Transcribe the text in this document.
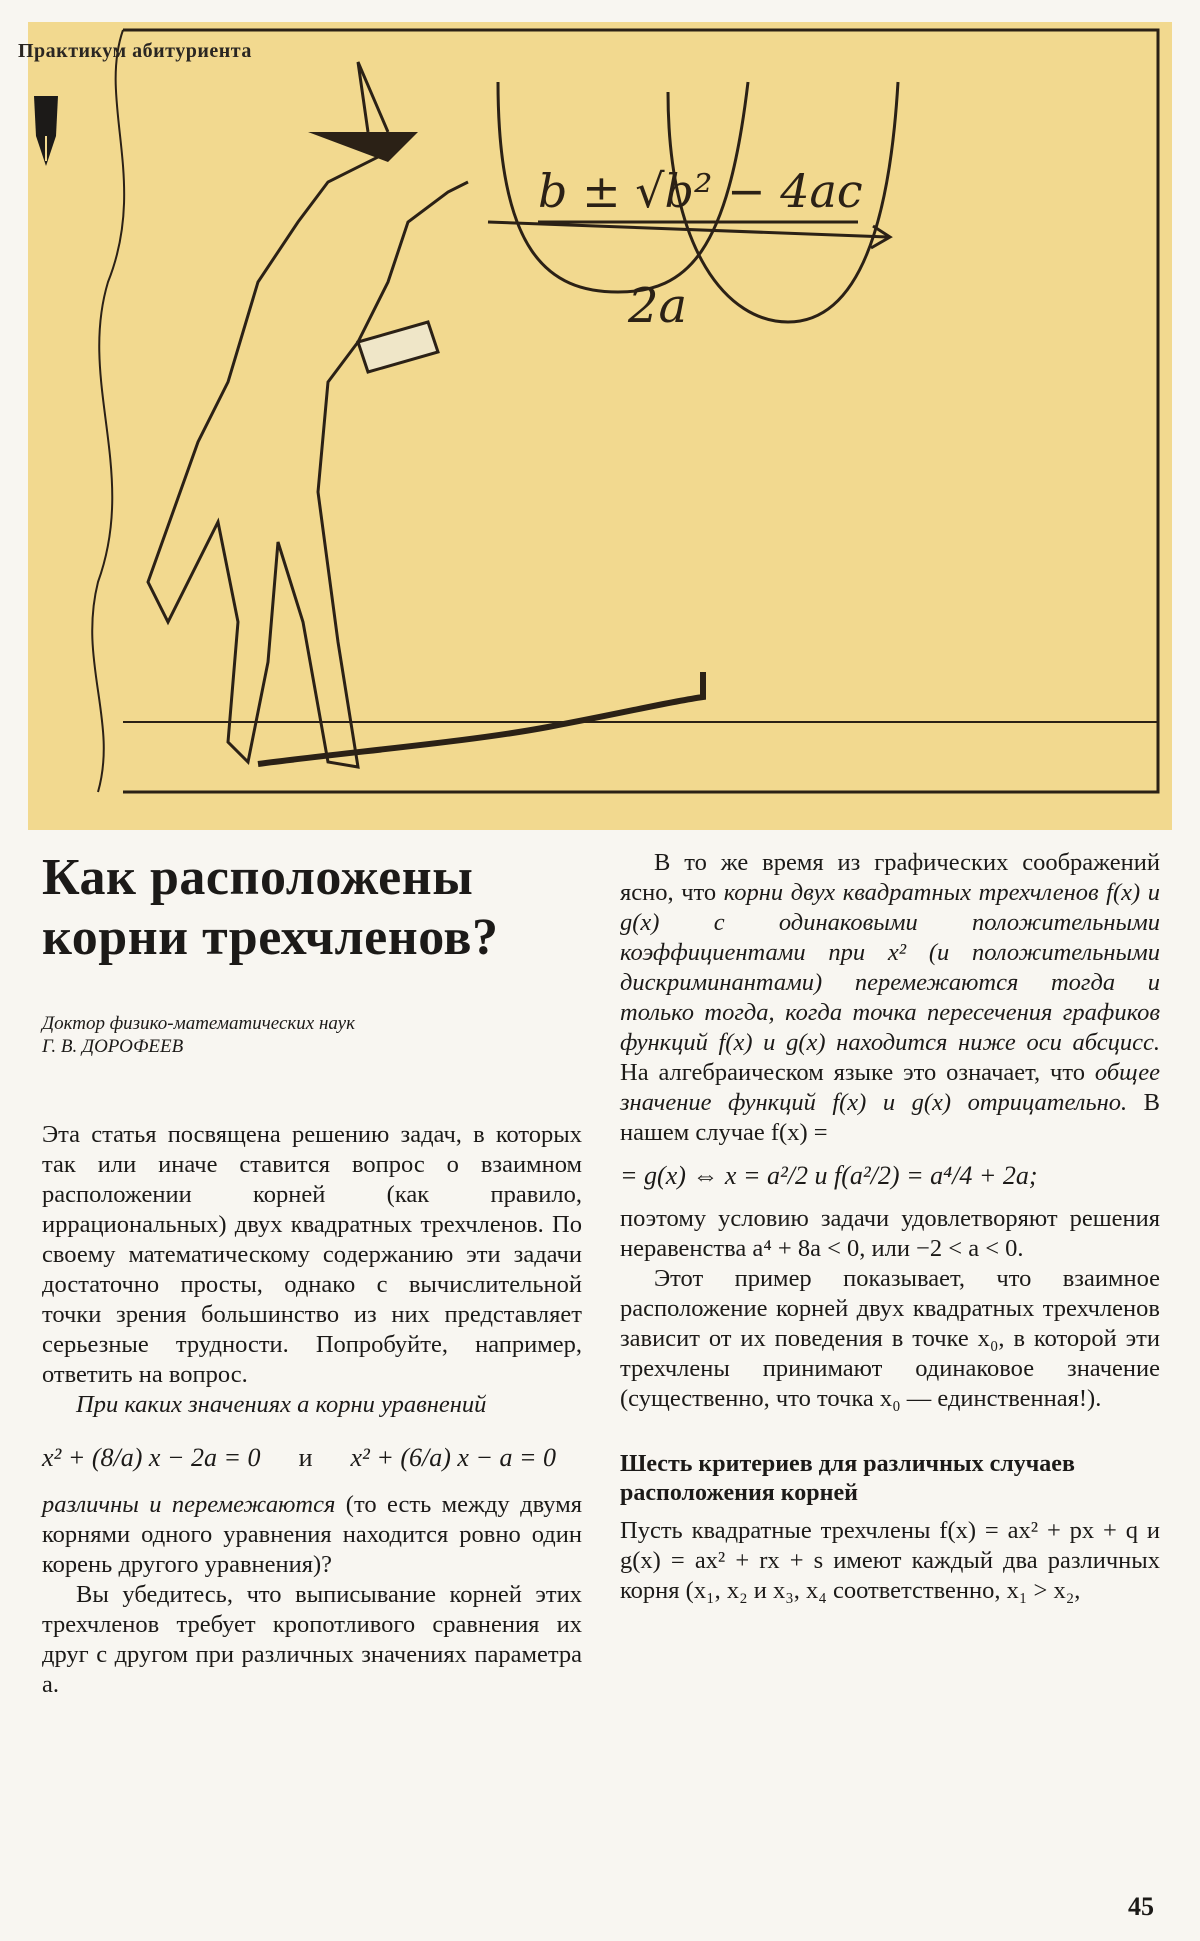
b ± √b² − 4ac
2a
Практикум абитуриента
Как расположены корни трехчленов?
Доктор физико-математических наук
Г. В. ДОРОФЕЕВ

Эта статья посвящена решению задач, в которых так или иначе ставится вопрос о взаимном расположении корней (как правило, иррациональных) двух квадратных трехчленов. По своему математическому содержанию эти задачи достаточно просты, однако с вычислительной точки зрения большинство из них представляет серьезные трудности. Попробуйте, например, ответить на вопрос.

При каких значениях a корни уравнений

x² + (8/a) x − 2a = 0 и x² + (6/a) x − a = 0

различны и перемежаются (то есть между двумя корнями одного уравнения находится ровно один корень другого уравнения)?

Вы убедитесь, что выписывание корней этих трехчленов требует кропотливого сравнения их друг с другом при различных значениях параметра a.

В то же время из графических соображений ясно, что корни двух квадратных трехчленов f(x) и g(x) с одинаковыми положительными коэффициентами при x² (и положительными дискриминантами) перемежаются тогда и только тогда, когда точка пересечения графиков функций f(x) и g(x) находится ниже оси абсцисс. На алгебраическом языке это означает, что общее значение функций f(x) и g(x) отрицательно. В нашем случае f(x) =

= g(x) ⇔ x = a²/2 и f(a²/2) = a⁴/4 + 2a;

поэтому условию задачи удовлетворяют решения неравенства a⁴ + 8a < 0, или −2 < a < 0.

Этот пример показывает, что взаимное расположение корней двух квадратных трехчленов зависит от их поведения в точке x₀, в которой эти трехчлены принимают одинаковое значение (существенно, что точка x₀ — единственная!).

Шесть критериев для различных случаев расположения корней

Пусть квадратные трехчлены f(x) = ax² + px + q и g(x) = ax² + rx + s имеют каждый два различных корня (x₁, x₂ и x₃, x₄ соответственно, x₁ > x₂,

45
